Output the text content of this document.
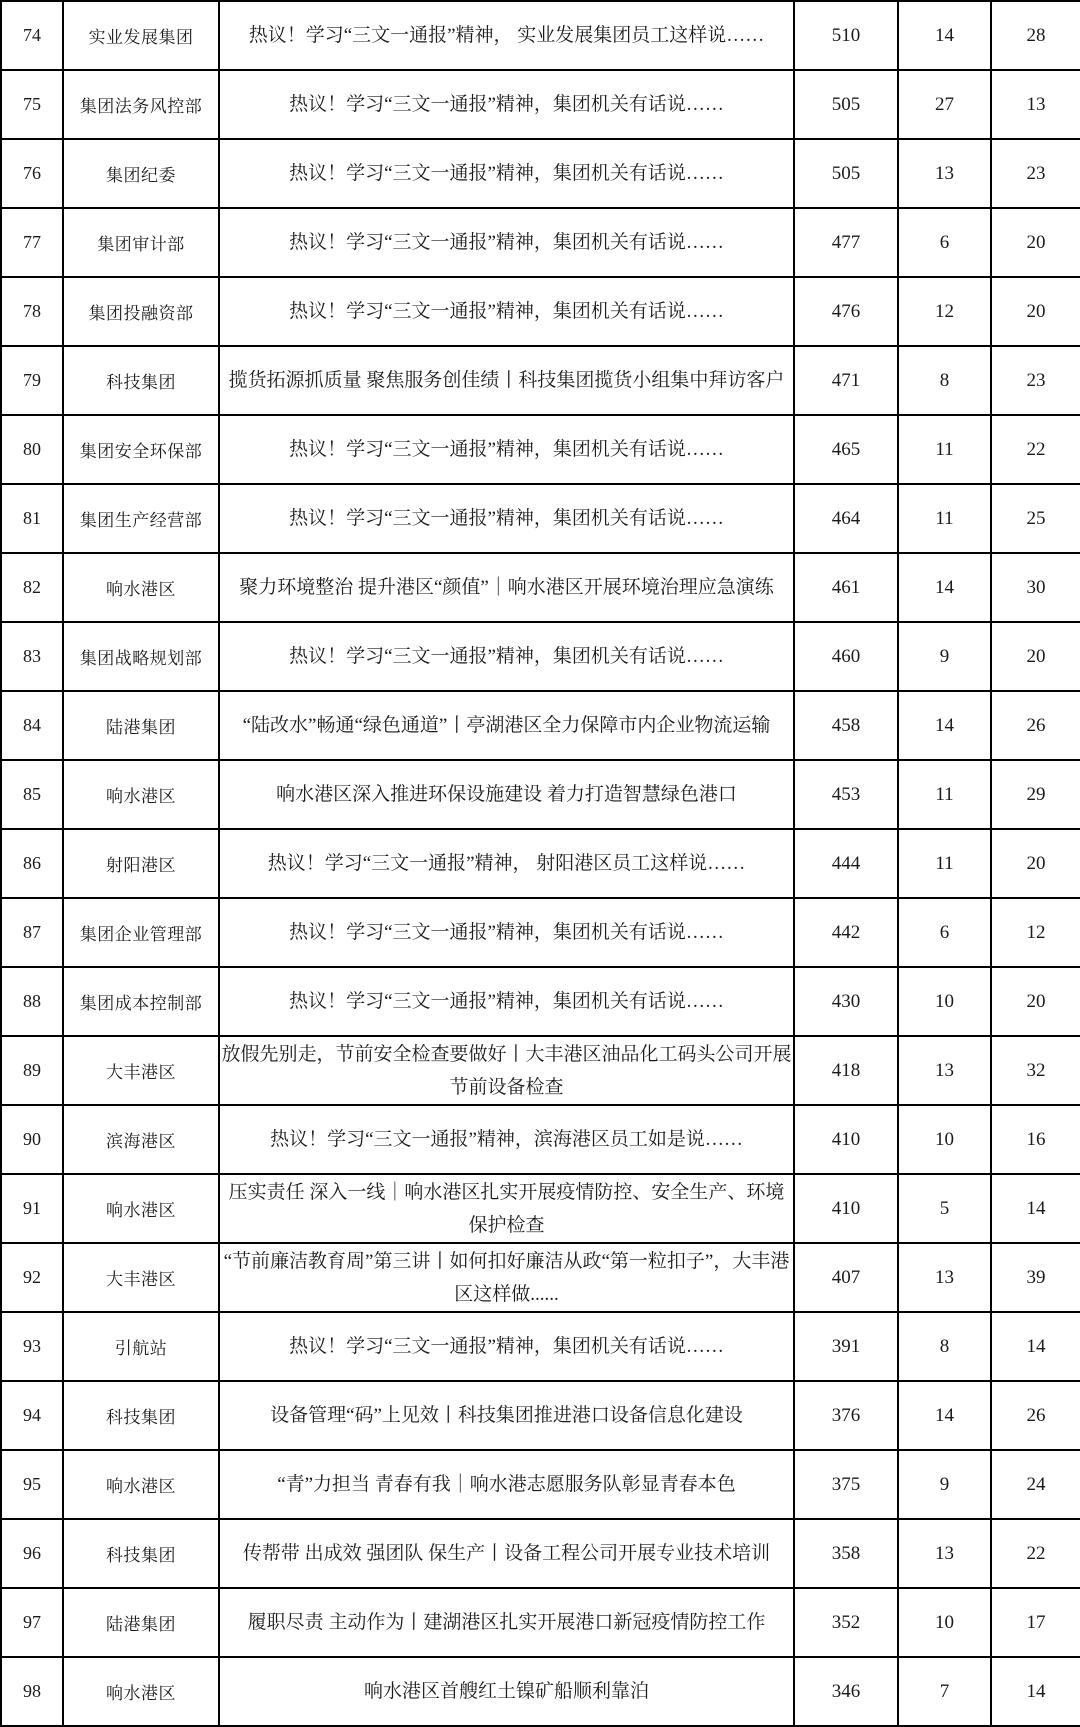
74	实业发展集团	热议！学习“三文一通报”精神， 实业发展集团员工这样说……	510	14	28
75	集团法务风控部	热议！学习“三文一通报”精神，集团机关有话说……	505	27	13
76	集团纪委	热议！学习“三文一通报”精神，集团机关有话说……	505	13	23
77	集团审计部	热议！学习“三文一通报”精神，集团机关有话说……	477	6	20
78	集团投融资部	热议！学习“三文一通报”精神，集团机关有话说……	476	12	20
79	科技集团	揽货拓源抓质量 聚焦服务创佳绩丨科技集团揽货小组集中拜访客户	471	8	23
80	集团安全环保部	热议！学习“三文一通报”精神，集团机关有话说……	465	11	22
81	集团生产经营部	热议！学习“三文一通报”精神，集团机关有话说……	464	11	25
82	响水港区	聚力环境整治 提升港区“颜值”｜响水港区开展环境治理应急演练	461	14	30
83	集团战略规划部	热议！学习“三文一通报”精神，集团机关有话说……	460	9	20
84	陆港集团	“陆改水”畅通“绿色通道”丨亭湖港区全力保障市内企业物流运输	458	14	26
85	响水港区	响水港区深入推进环保设施建设 着力打造智慧绿色港口	453	11	29
86	射阳港区	热议！学习“三文一通报”精神， 射阳港区员工这样说……	444	11	20
87	集团企业管理部	热议！学习“三文一通报”精神，集团机关有话说……	442	6	12
88	集团成本控制部	热议！学习“三文一通报”精神，集团机关有话说……	430	10	20
89	大丰港区	放假先别走，节前安全检查要做好丨大丰港区油品化工码头公司开展节前设备检查	418	13	32
90	滨海港区	热议！学习“三文一通报”精神，滨海港区员工如是说……	410	10	16
91	响水港区	压实责任 深入一线｜响水港区扎实开展疫情防控、安全生产、环境保护检查	410	5	14
92	大丰港区	“节前廉洁教育周”第三讲丨如何扣好廉洁从政“第一粒扣子”，大丰港区这样做......	407	13	39
93	引航站	热议！学习“三文一通报”精神，集团机关有话说……	391	8	14
94	科技集团	设备管理“码”上见效丨科技集团推进港口设备信息化建设	376	14	26
95	响水港区	“青”力担当 青春有我｜响水港志愿服务队彰显青春本色	375	9	24
96	科技集团	传帮带 出成效 强团队 保生产丨设备工程公司开展专业技术培训	358	13	22
97	陆港集团	履职尽责 主动作为丨建湖港区扎实开展港口新冠疫情防控工作	352	10	17
98	响水港区	响水港区首艘红土镍矿船顺利靠泊	346	7	14
